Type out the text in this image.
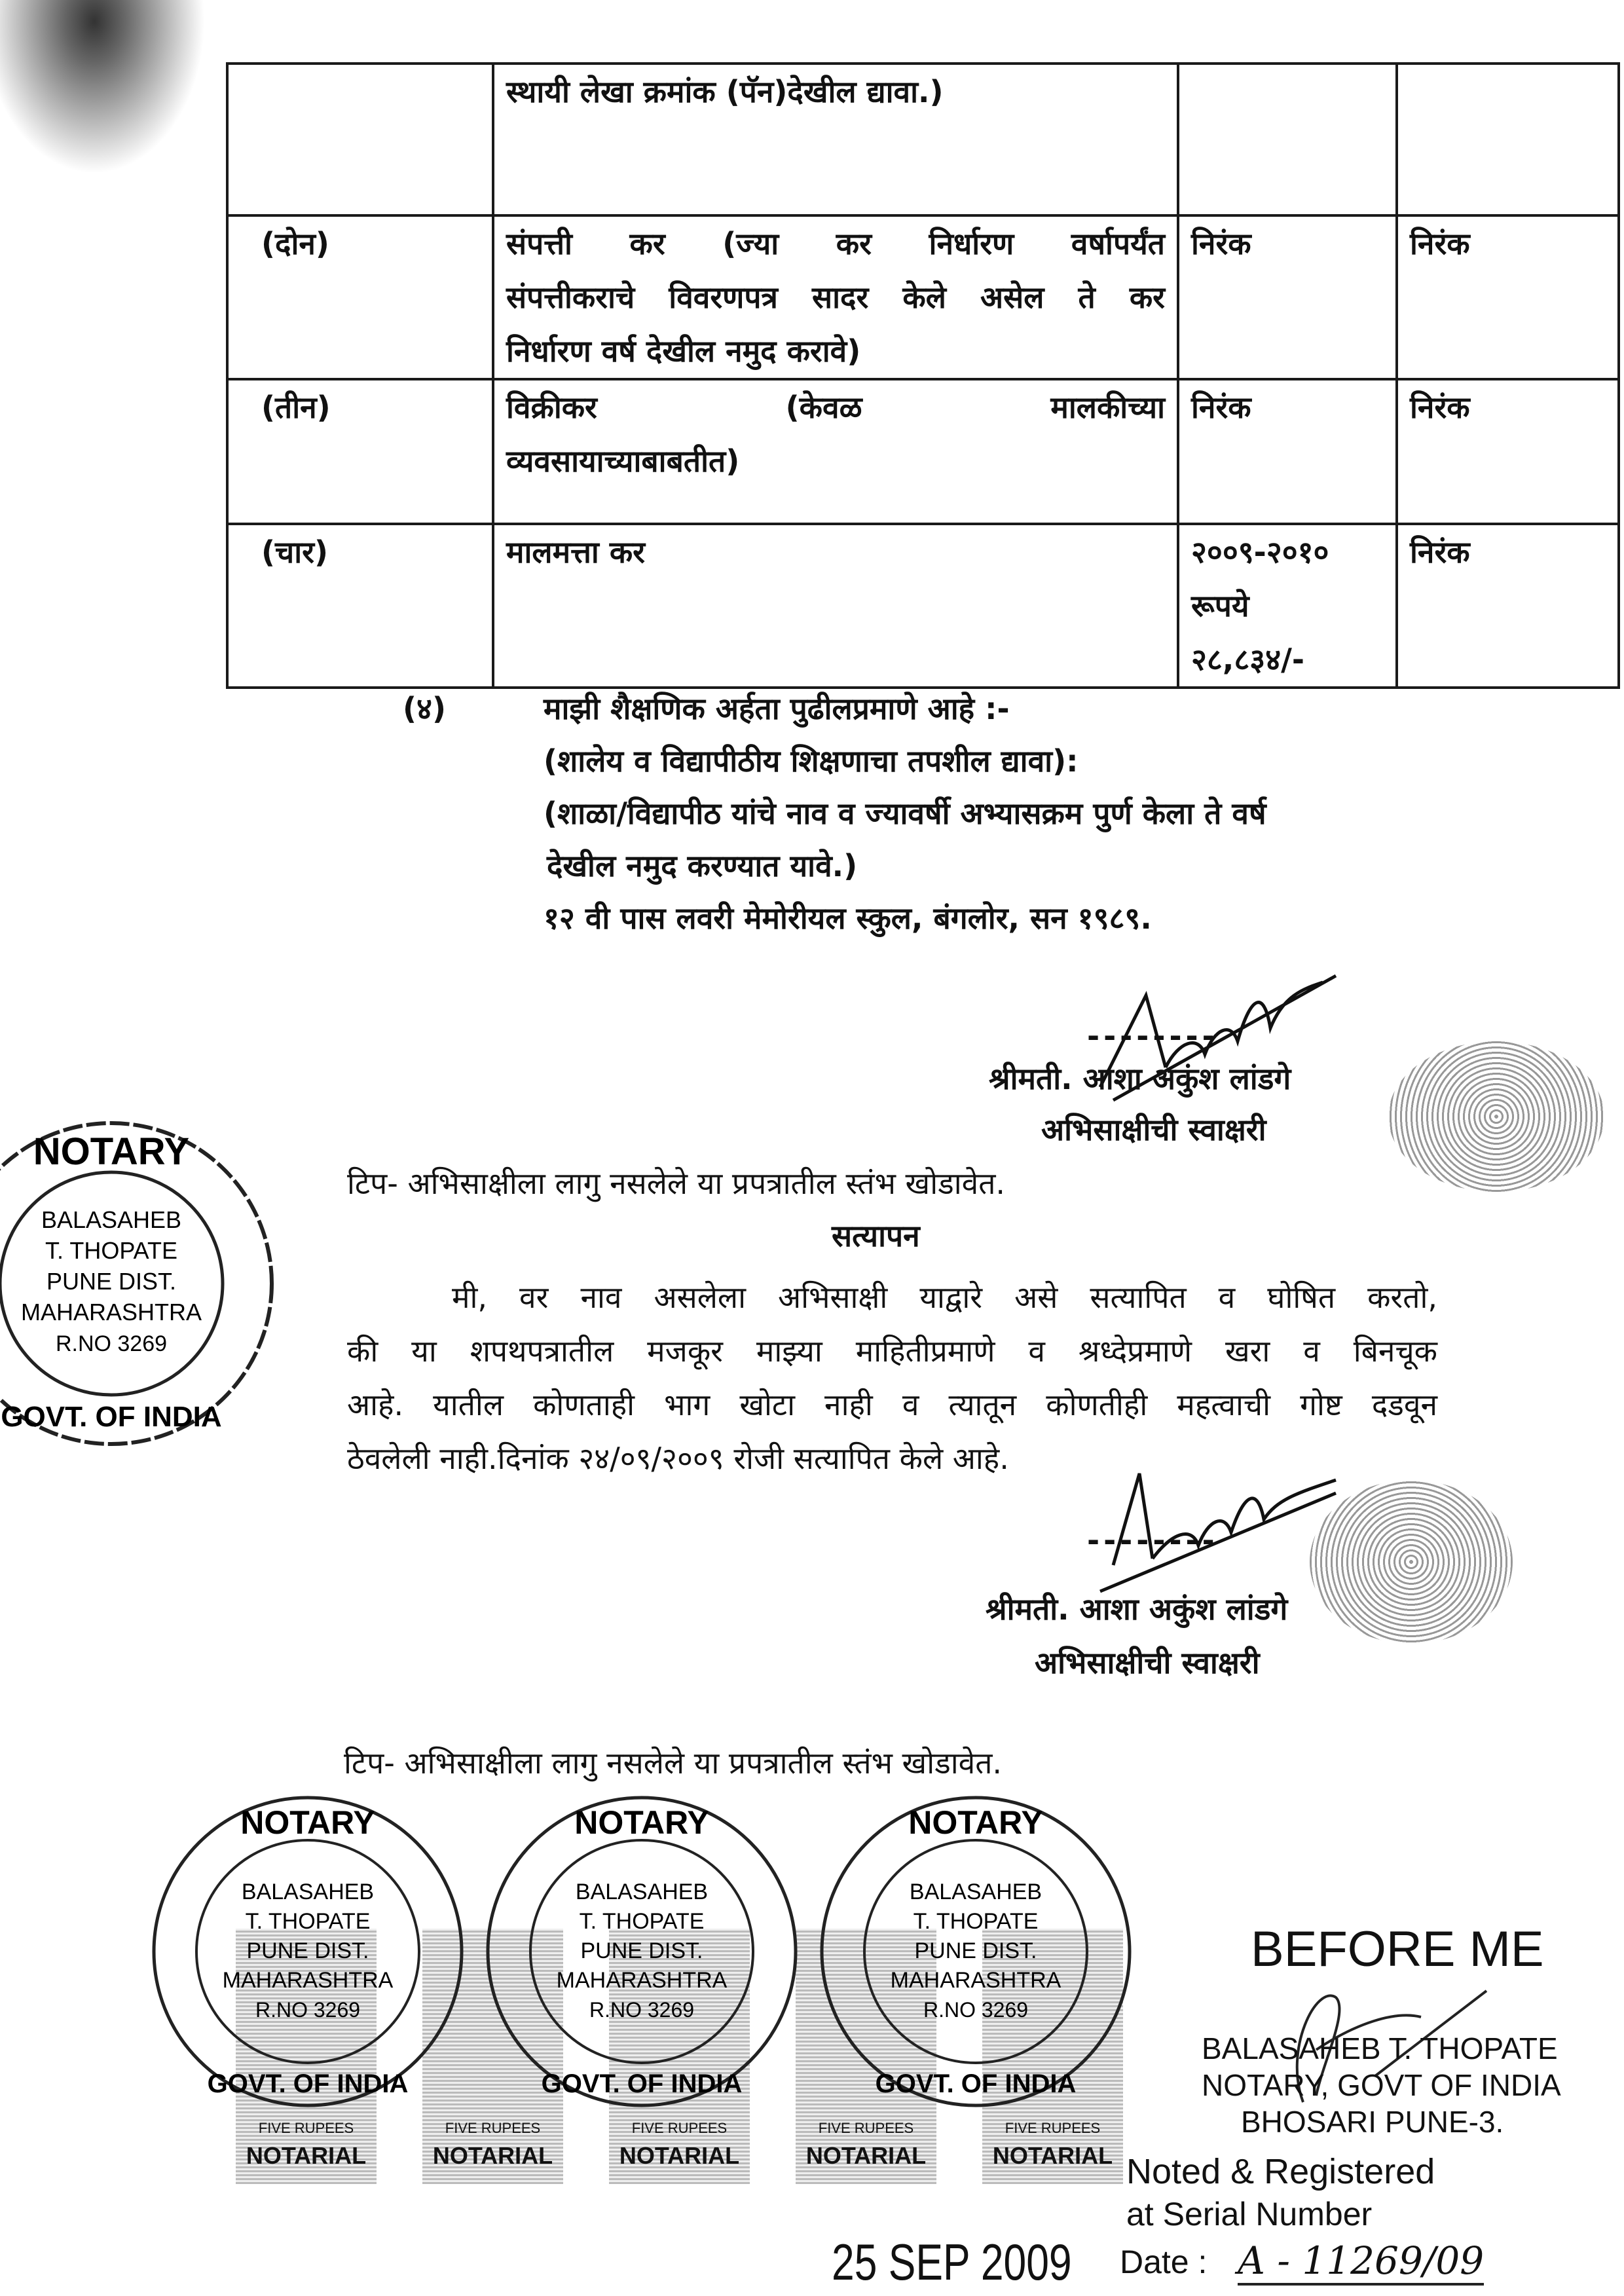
	स्थायी लेखा क्रमांक (पॅन)देखील द्यावा.)		

(दोन)	संपत्ती कर (ज्या कर निर्धारण वर्षापर्यंत
संपत्तीकराचे विवरणपत्र सादर केले असेल ते कर
निर्धारण वर्ष देखील नमुद करावे)	निरंक	निरंक
(तीन)	विक्रीकर (केवळ मालकीच्या
व्यवसायाच्याबाबतीत)	निरंक	निरंक
(चार)	मालमत्ता कर	२००९-२०१०
रूपये
२८,८३४/-	निरंक
(४)	माझी शैक्षणिक अर्हता पुढीलप्रमाणे आहे :-
(शालेय व विद्यापीठीय शिक्षणाचा तपशील द्यावा):
(शाळा/विद्यापीठ यांचे नाव व ज्यावर्षी अभ्यासक्रम पुर्ण केला ते वर्ष
देखील नमुद करण्यात यावे.)
१२ वी पास लवरी मेमोरीयल स्कुल, बंगलोर, सन १९८९.
--------
श्रीमती. आशा अकुंश लांडगे
अभिसाक्षीची स्वाक्षरी
टिप- अभिसाक्षीला लागु नसलेले या प्रपत्रातील स्तंभ खोडावेत.
NOTARY
BALASAHEB
T. THOPATE
PUNE DIST.
MAHARASHTRA
R.NO 3269
GOVT. OF INDIA
सत्यापन
मी, वर नाव असलेला अभिसाक्षी याद्वारे असे सत्यापित व घोषित करतो,
की या शपथपत्रातील मजकूर माझ्या माहितीप्रमाणे व श्रध्देप्रमाणे खरा व बिनचूक
आहे. यातील कोणताही भाग खोटा नाही व त्यातून कोणतीही महत्वाची गोष्ट दडवून
ठेवलेली नाही.दिनांक २४/०९/२००९ रोजी सत्यापित केले आहे.
--------
श्रीमती. आशा अकुंश लांडगे
अभिसाक्षीची स्वाक्षरी
टिप- अभिसाक्षीला लागु नसलेले या प्रपत्रातील स्तंभ खोडावेत.
FIVE RUPEES
NOTARIAL
FIVE RUPEES
NOTARIAL
FIVE RUPEES
NOTARIAL
FIVE RUPEES
NOTARIAL
FIVE RUPEES
NOTARIAL
NOTARY
BALASAHEB
T. THOPATE
PUNE DIST.
MAHARASHTRA
R.NO 3269
GOVT. OF INDIA
NOTARY
BALASAHEB
T. THOPATE
PUNE DIST.
MAHARASHTRA
R.NO 3269
GOVT. OF INDIA
NOTARY
BALASAHEB
T. THOPATE
PUNE DIST.
MAHARASHTRA
R.NO 3269
GOVT. OF INDIA
BEFORE ME
BALASAHEB T. THOPATE
NOTARY, GOVT OF INDIA
BHOSARI PUNE-3.
Noted & Registered
at Serial Number
Date : A - 11269/09
25 SEP 2009
